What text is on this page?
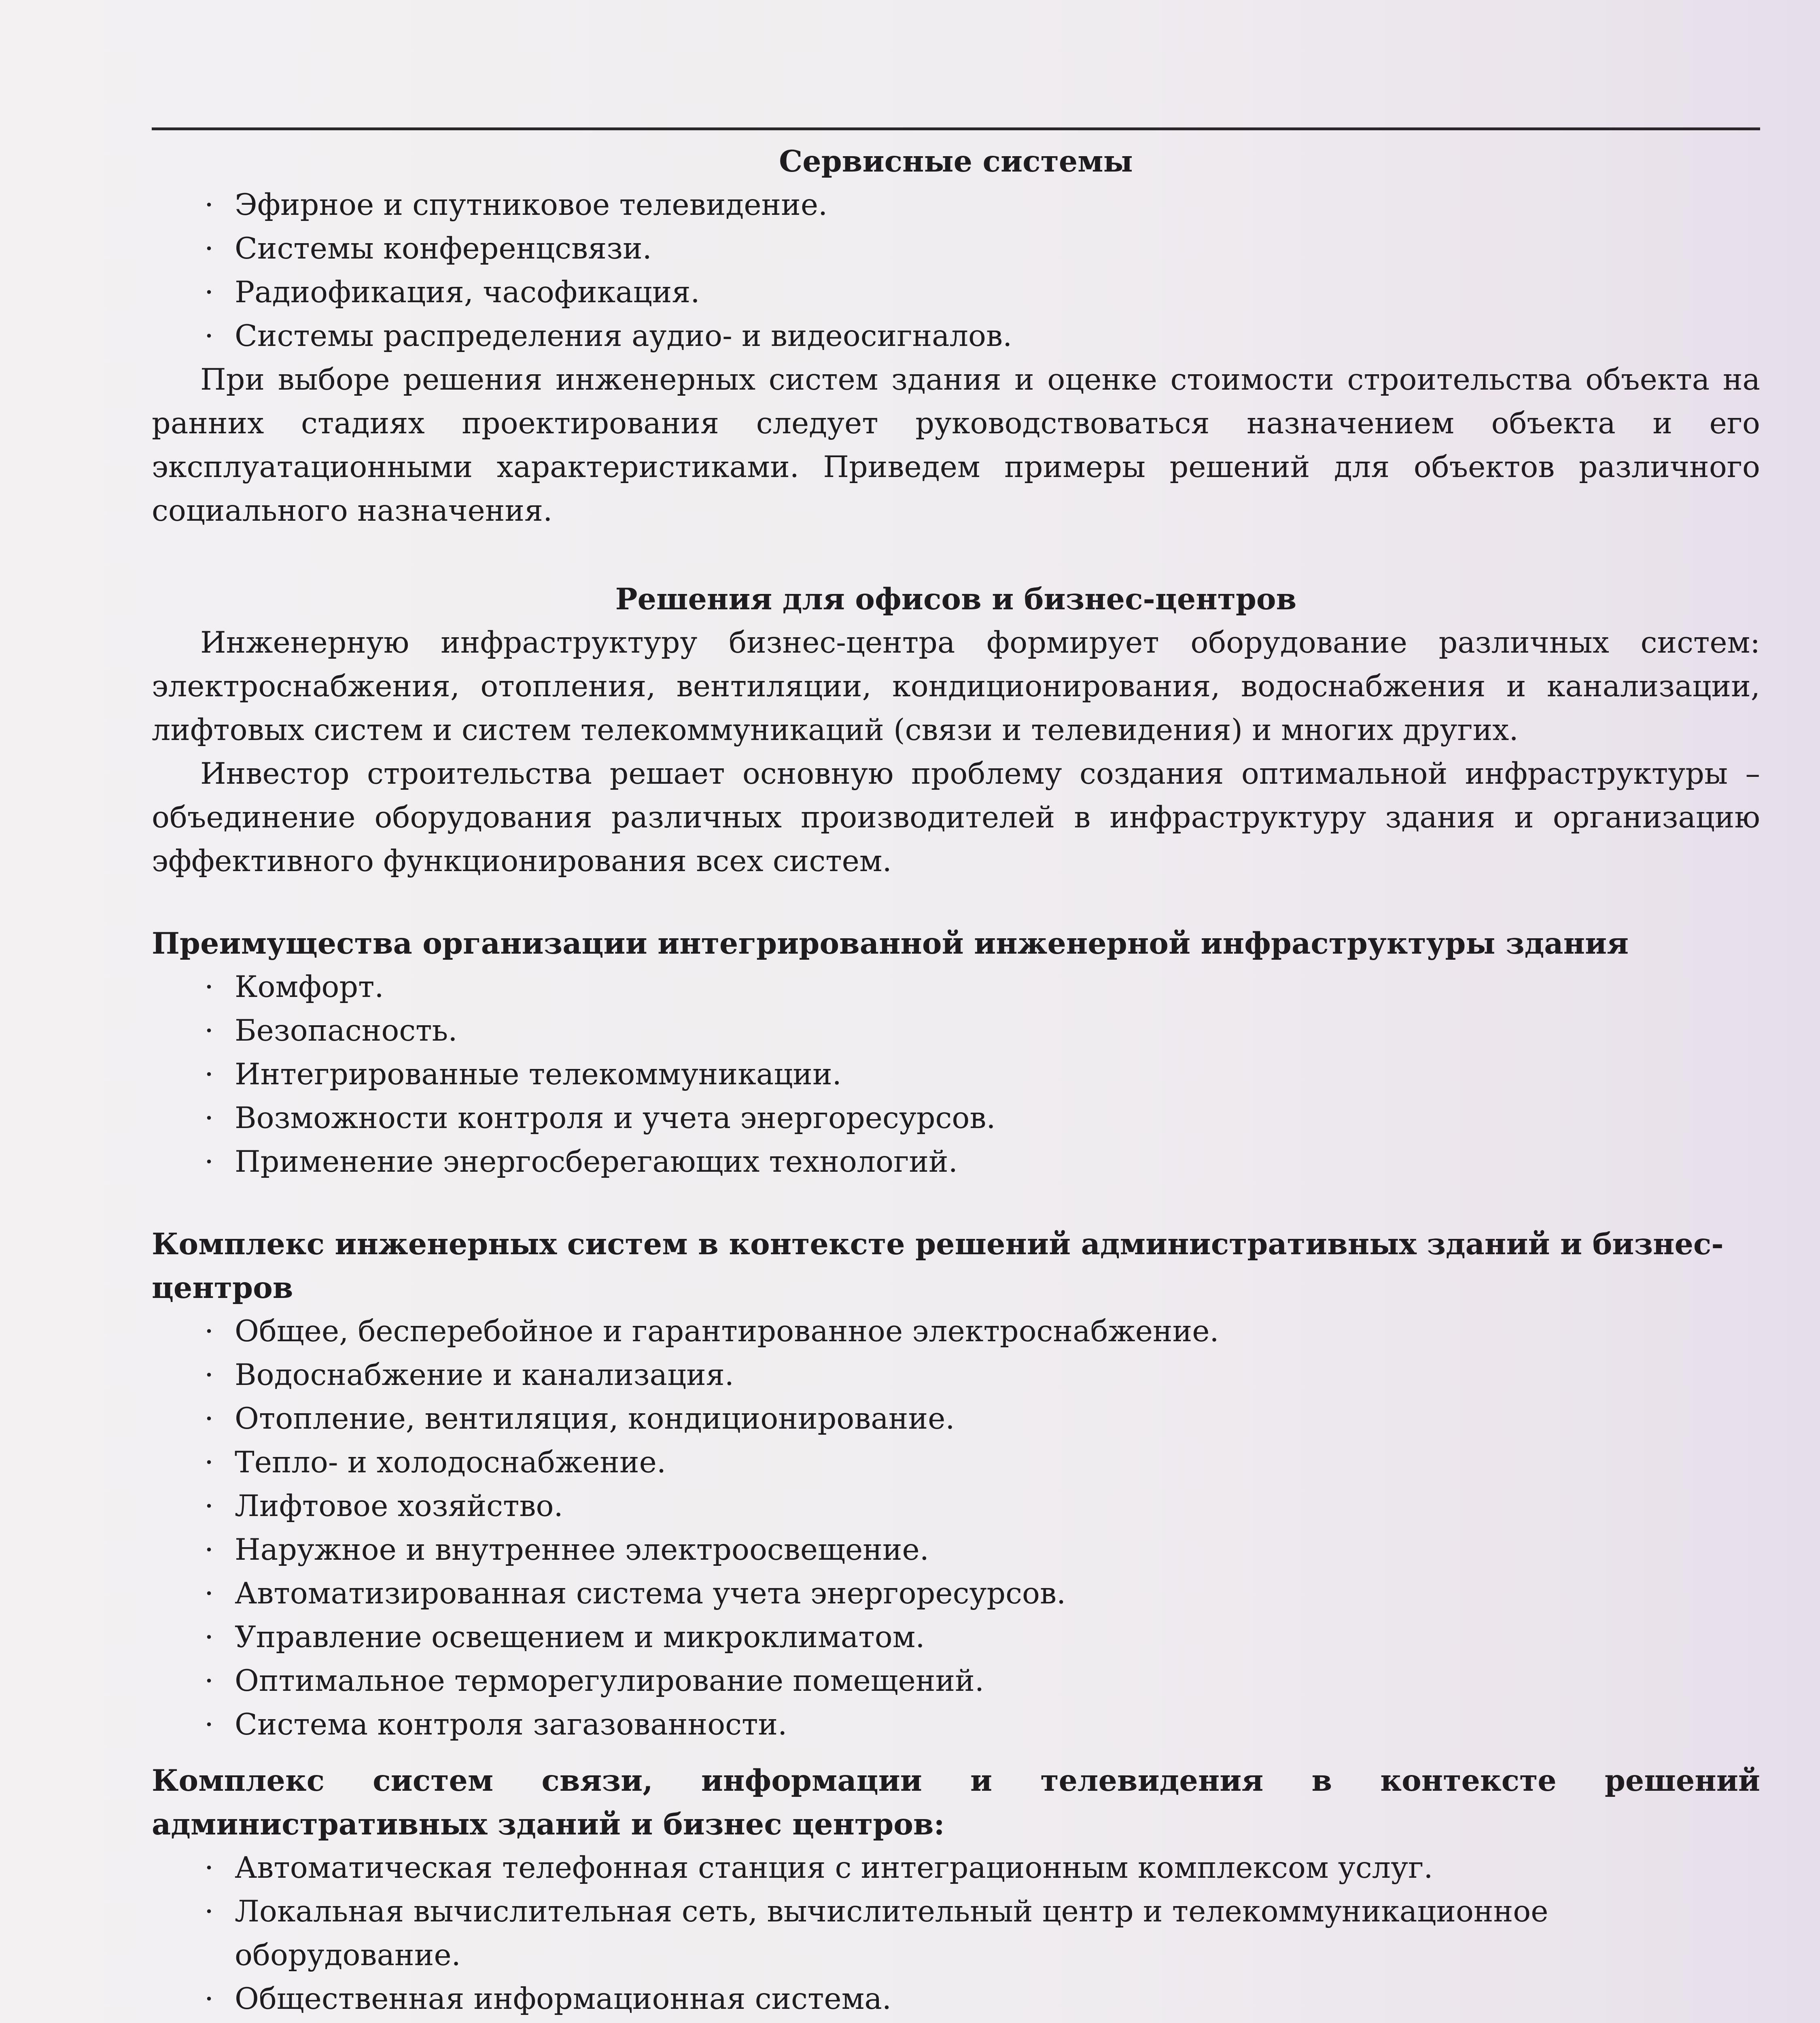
Сервисные системы
· Эфирное и спутниковое телевидение.
· Системы конференцсвязи.
· Радиофикация, часофикация.
· Системы распределения аудио- и видеосигналов.

При выборе решения инженерных систем здания и оценке стоимости строительства объекта на ранних стадиях проектирования следует руководствоваться назначением объекта и его эксплуатационными характеристиками. Приведем примеры решений для объектов различного социального назначения.

Решения для офисов и бизнес-центров

Инженерную инфраструктуру бизнес-центра формирует оборудование различных систем: электроснабжения, отопления, вентиляции, кондиционирования, водоснабжения и канализации, лифтовых систем и систем телекоммуникаций (связи и телевидения) и многих других.

Инвестор строительства решает основную проблему создания оптимальной инфраструктуры – объединение оборудования различных производителей в инфраструктуру здания и организацию эффективного функционирования всех систем.

Преимущества организации интегрированной инженерной инфраструктуры здания
· Комфорт.
· Безопасность.
· Интегрированные телекоммуникации.
· Возможности контроля и учета энергоресурсов.
· Применение энергосберегающих технологий.
Комплекс инженерных систем в контексте решений административных зданий и бизнес-центров
· Общее, бесперебойное и гарантированное электроснабжение.
· Водоснабжение и канализация.
· Отопление, вентиляция, кондиционирование.
· Тепло- и холодоснабжение.
· Лифтовое хозяйство.
· Наружное и внутреннее электроосвещение.
· Автоматизированная система учета энергоресурсов.
· Управление освещением и микроклиматом.
· Оптимальное терморегулирование помещений.
· Система контроля загазованности.
Комплекс систем связи, информации и телевидения в контексте решений административных зданий и бизнес центров:
· Автоматическая телефонная станция с интеграционным комплексом услуг.
· Локальная вычислительная сеть, вычислительный центр и телекоммуникационное оборудование.
· Общественная информационная система.
